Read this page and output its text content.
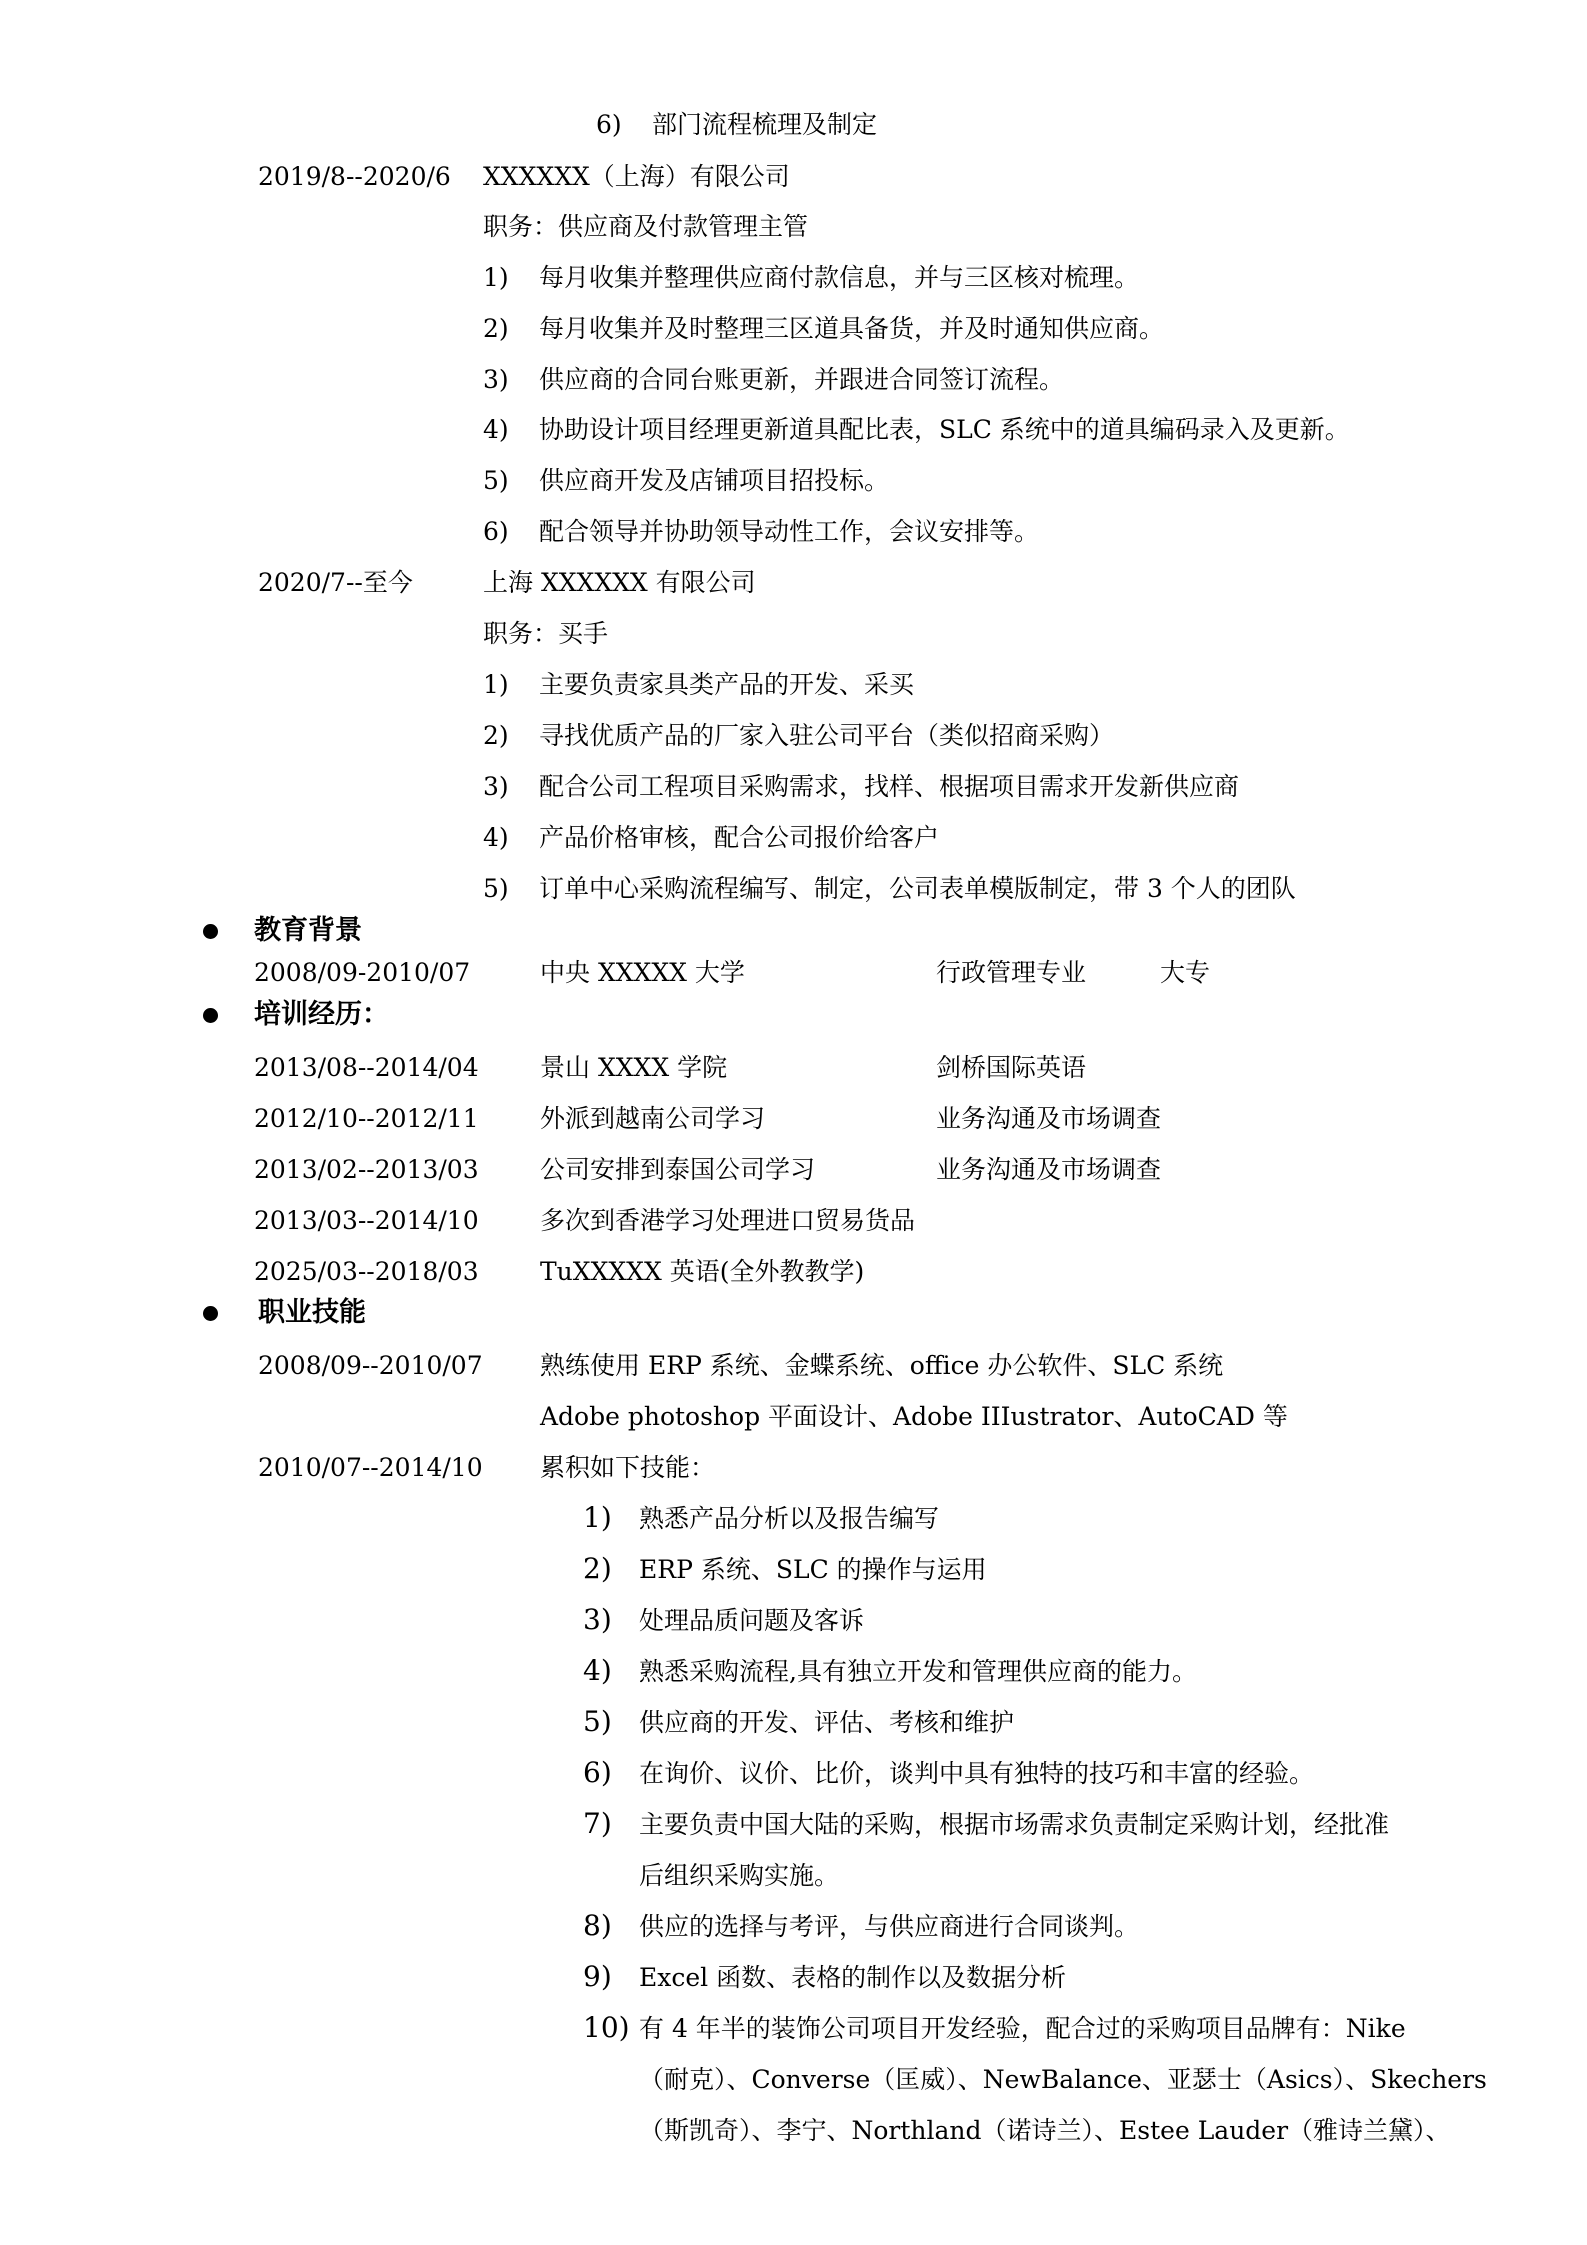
6) 部门流程梳理及制定
2019/8--2020/6 XXXXXX（上海）有限公司
职务：供应商及付款管理主管
1) 每月收集并整理供应商付款信息，并与三区核对梳理。
2) 每月收集并及时整理三区道具备货，并及时通知供应商。
3) 供应商的合同台账更新，并跟进合同签订流程。
4) 协助设计项目经理更新道具配比表，SLC 系统中的道具编码录入及更新。
5) 供应商开发及店铺项目招投标。
6) 配合领导并协助领导动性工作，会议安排等。
2020/7--至今	上海 XXXXXX 有限公司
职务：买手
1) 主要负责家具类产品的开发、采买
2) 寻找优质产品的厂家入驻公司平台（类似招商采购）
3) 配合公司工程项目采购需求，找样、根据项目需求开发新供应商
4) 产品价格审核，配合公司报价给客户
5) 订单中心采购流程编写、制定，公司表单模版制定，带 3 个人的团队
教育背景
2008/09-2010/07	中央 XXXXX 大学	行政管理专业	大专
培训经历：
2013/08--2014/04 景山 XXXX 学院	剑桥国际英语
2012/10--2012/11 外派到越南公司学习	业务沟通及市场调查
2013/02--2013/03 公司安排到泰国公司学习	业务沟通及市场调查
2013/03--2014/10 多次到香港学习处理进口贸易货品
2025/03--2018/03 TuXXXXX 英语(全外教教学)
职业技能
2008/09--2010/07 熟练使用 ERP 系统、金蝶系统、office 办公软件、SLC 系统
Adobe photoshop 平面设计、Adobe IIIustrator、AutoCAD 等
2010/07--2014/10 累积如下技能：
1) 熟悉产品分析以及报告编写
2) ERP 系统、SLC 的操作与运用
3) 处理品质问题及客诉
4) 熟悉采购流程,具有独立开发和管理供应商的能力。
5) 供应商的开发、评估、考核和维护
6) 在询价、议价、比价，谈判中具有独特的技巧和丰富的经验。
7) 主要负责中国大陆的采购，根据市场需求负责制定采购计划，经批准
后组织采购实施。
8) 供应的选择与考评，与供应商进行合同谈判。
9) Excel 函数、表格的制作以及数据分析
10) 有 4 年半的装饰公司项目开发经验，配合过的采购项目品牌有：Nike
（耐克）、Converse（匡威）、NewBalance、亚瑟士（Asics）、Skechers
（斯凯奇）、李宁、Northland（诺诗兰）、Estee Lauder（雅诗兰黛）、
